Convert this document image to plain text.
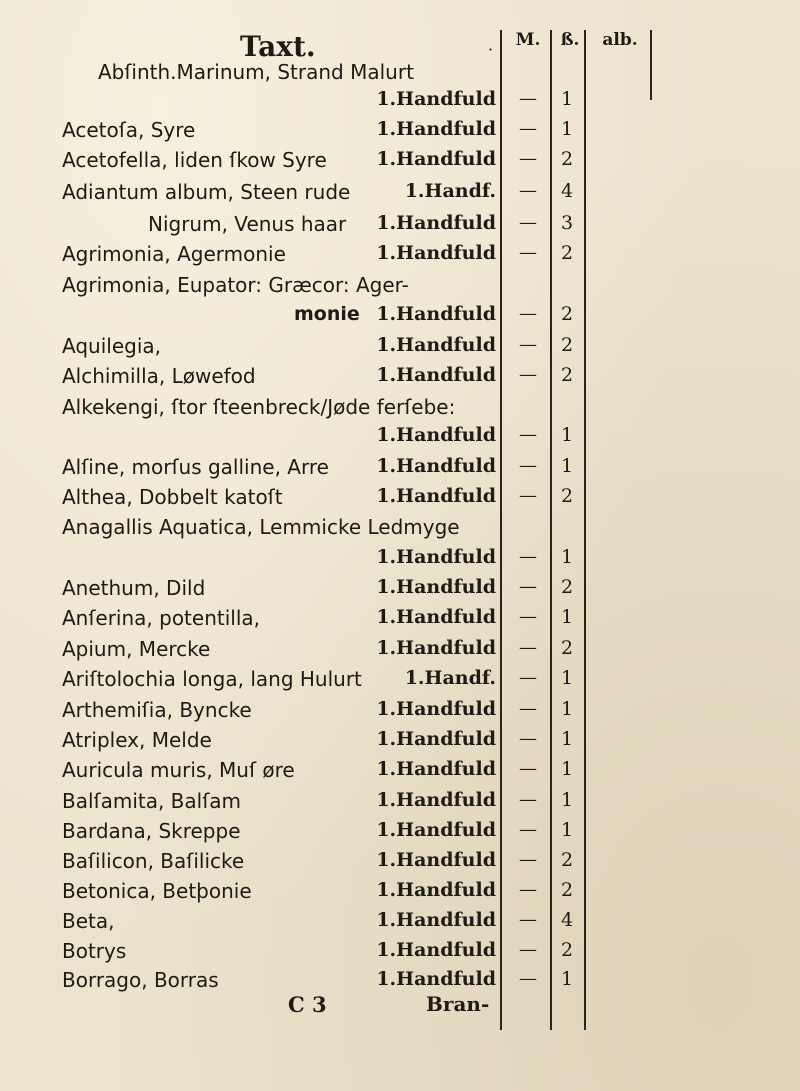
Taxt.	·	M.	ß.	alb.
Abſinth.Marinum, Strand Malurt
1.Handfuld	—	1
Acetoſa, Syre	1.Handfuld	—	1
Acetofella, liden ſkow Syre	1.Handfuld	—	2
Adiantum album, Steen rude	1.Handf.	—	4
Nigrum, Venus haar	1.Handfuld	—	3
Agrimonia, Agermonie	1.Handfuld	—	2
Agrimonia, Eupator: Græcor: Ager-
monie 1.Handfuld	—	2
Aquilegia,	1.Handfuld	—	2
Alchimilla, Løwefod	1.Handfuld	—	2
Alkekengi, ſtor ſteenbreck/Jøde ferſebe:
1.Handfuld	—	1
Alſine, morſus galline, Arre	1.Handfuld	—	1
Althea, Dobbelt katoſt	1.Handfuld	—	2
Anagallis Aquatica, Lemmicke Ledmyge
1.Handfuld	—	1
Anethum, Dild	1.Handfuld	—	2
Anſerina, potentilla,	1.Handfuld	—	1
Apium, Mercke	1.Handfuld	—	2
Ariſtolochia longa, lang Hulurt	1.Handf.	—	1
Arthemiſia, Byncke	1.Handfuld	—	1
Atriplex, Melde	1.Handfuld	—	1
Auricula muris, Muſ øre	1.Handfuld	—	1
Balſamita, Balſam	1.Handfuld	—	1
Bardana, Skreppe	1.Handfuld	—	1
Baſilicon, Baſilicke	1.Handfuld	—	2
Betonica, Betþonie	1.Handfuld	—	2
Beta,	1.Handfuld	—	4
Botrys	1.Handfuld	—	2
Borrago, Borras	1.Handfuld	—	1
C 3	Bran-
